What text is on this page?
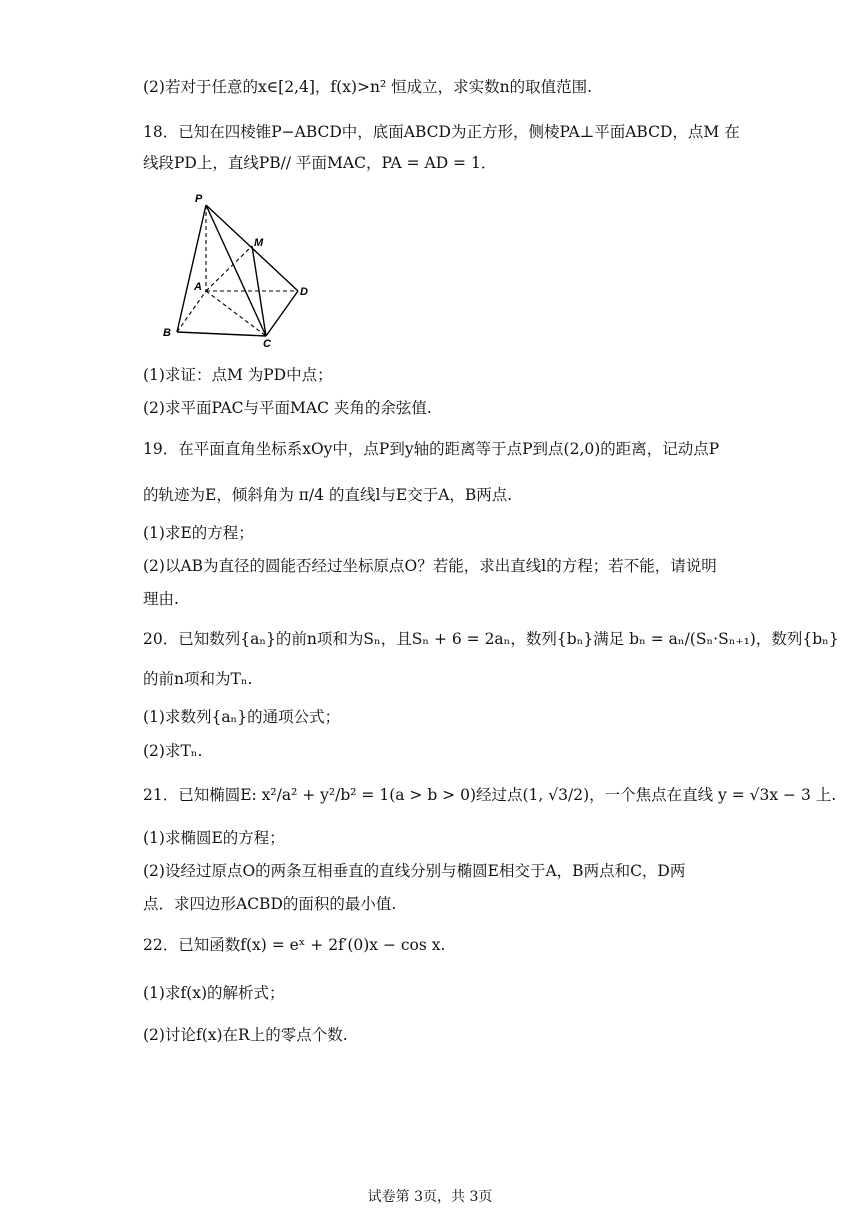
(2)若对于任意的x∈[2,4]，f(x)>n² 恒成立，求实数n的取值范围.
18．已知在四棱锥P−ABCD中，底面ABCD为正方形，侧棱PA⊥平面ABCD，点M 在
线段PD上，直线PB// 平面MAC，PA = AD = 1．
P
M
A	D
B
C
(1)求证：点M 为PD中点；
(2)求平面PAC与平面MAC 夹角的余弦值.
19．在平面直角坐标系xOy中，点P到y轴的距离等于点P到点(2,0)的距离，记动点P
的轨迹为E，倾斜角为 π/4 的直线l与E交于A，B两点.
(1)求E的方程；
(2)以AB为直径的圆能否经过坐标原点O？若能，求出直线l的方程；若不能，请说明
理由.
20．已知数列{aₙ}的前n项和为Sₙ，且Sₙ + 6 = 2aₙ，数列{bₙ}满足 bₙ = aₙ/(Sₙ·Sₙ₊₁)，数列{bₙ}
的前n项和为Tₙ.
(1)求数列{aₙ}的通项公式；
(2)求Tₙ.
21．已知椭圆E: x²/a² + y²/b² = 1(a > b > 0)经过点(1, √3/2)，一个焦点在直线 y = √3x − 3 上.
(1)求椭圆E的方程；
(2)设经过原点O的两条互相垂直的直线分别与椭圆E相交于A，B两点和C，D两
点．求四边形ACBD的面积的最小值.
22．已知函数f(x) = eˣ + 2f′(0)x − cos x.
(1)求f(x)的解析式；
(2)讨论f(x)在R上的零点个数.
试卷第 3页，共 3页
